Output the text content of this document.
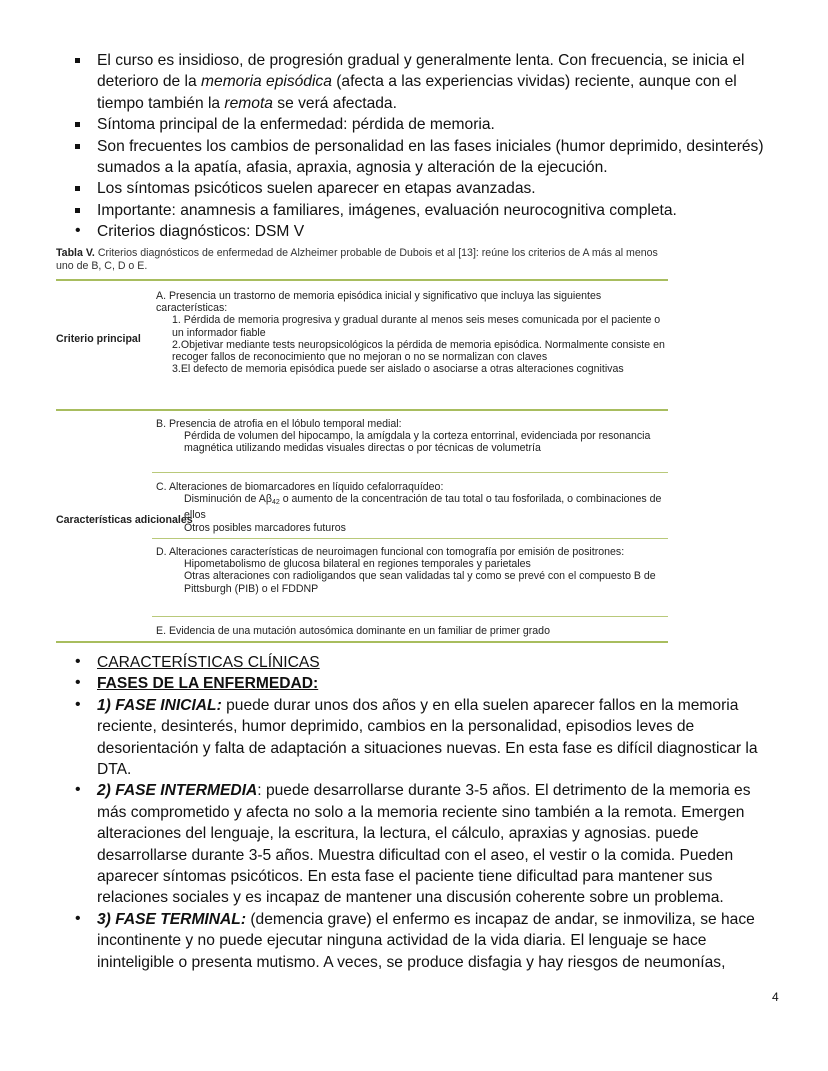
El curso es insidioso, de progresión gradual y generalmente lenta. Con frecuencia, se inicia el deterioro de la memoria episódica (afecta a las experiencias vividas) reciente, aunque con el tiempo también la remota se verá afectada.
Síntoma principal de la enfermedad: pérdida de memoria.
Son frecuentes los cambios de personalidad en las fases iniciales (humor deprimido, desinterés) sumados a la apatía, afasia, apraxia, agnosia y alteración de la ejecución.
Los síntomas psicóticos suelen aparecer en etapas avanzadas.
Importante: anamnesis a familiares, imágenes, evaluación neurocognitiva completa.
• Criterios diagnósticos: DSM V
Tabla V. Criterios diagnósticos de enfermedad de Alzheimer probable de Dubois et al [13]: reúne los criterios de A más al menos uno de B, C, D o E.
Criterio principal
A. Presencia un trastorno de memoria episódica inicial y significativo que incluya las siguientes características:
1. Pérdida de memoria progresiva y gradual durante al menos seis meses comunicada por el paciente o un informador fiable
2.Objetivar mediante tests neuropsicológicos la pérdida de memoria episódica. Normalmente consiste en recoger fallos de reconocimiento que no mejoran o no se normalizan con claves
3.El defecto de memoria episódica puede ser aislado o asociarse a otras alteraciones cognitivas
B. Presencia de atrofia en el lóbulo temporal medial:
Pérdida de volumen del hipocampo, la amígdala y la corteza entorrinal, evidenciada por resonancia magnética utilizando medidas visuales directas o por técnicas de volumetría
Características adicionales
C. Alteraciones de biomarcadores en líquido cefalorraquídeo:
Disminución de Aβ42 o aumento de la concentración de tau total o tau fosforilada, o combinaciones de ellos
Otros posibles marcadores futuros
D. Alteraciones características de neuroimagen funcional con tomografía por emisión de positrones:
Hipometabolismo de glucosa bilateral en regiones temporales y parietales
Otras alteraciones con radioligandos que sean validadas tal y como se prevé con el compuesto B de Pittsburgh (PIB) o el FDDNP
E. Evidencia de una mutación autosómica dominante en un familiar de primer grado
• CARACTERÍSTICAS CLÍNICAS
• FASES DE LA ENFERMEDAD:
• 1) FASE INICIAL: puede durar unos dos años y en ella suelen aparecer fallos en la memoria reciente, desinterés, humor deprimido, cambios en la personalidad, episodios leves de desorientación y falta de adaptación a situaciones nuevas. En esta fase es difícil diagnosticar la DTA.
• 2) FASE INTERMEDIA: puede desarrollarse durante 3-5 años. El detrimento de la memoria es más comprometido y afecta no solo a la memoria reciente sino también a la remota. Emergen alteraciones del lenguaje, la escritura, la lectura, el cálculo, apraxias y agnosias. puede desarrollarse durante 3-5 años. Muestra dificultad con el aseo, el vestir o la comida. Pueden aparecer síntomas psicóticos. En esta fase el paciente tiene dificultad para mantener sus relaciones sociales y es incapaz de mantener una discusión coherente sobre un problema.
• 3) FASE TERMINAL: (demencia grave) el enfermo es incapaz de andar, se inmoviliza, se hace incontinente y no puede ejecutar ninguna actividad de la vida diaria. El lenguaje se hace ininteligible o presenta mutismo. A veces, se produce disfagia y hay riesgos de neumonías,
4
